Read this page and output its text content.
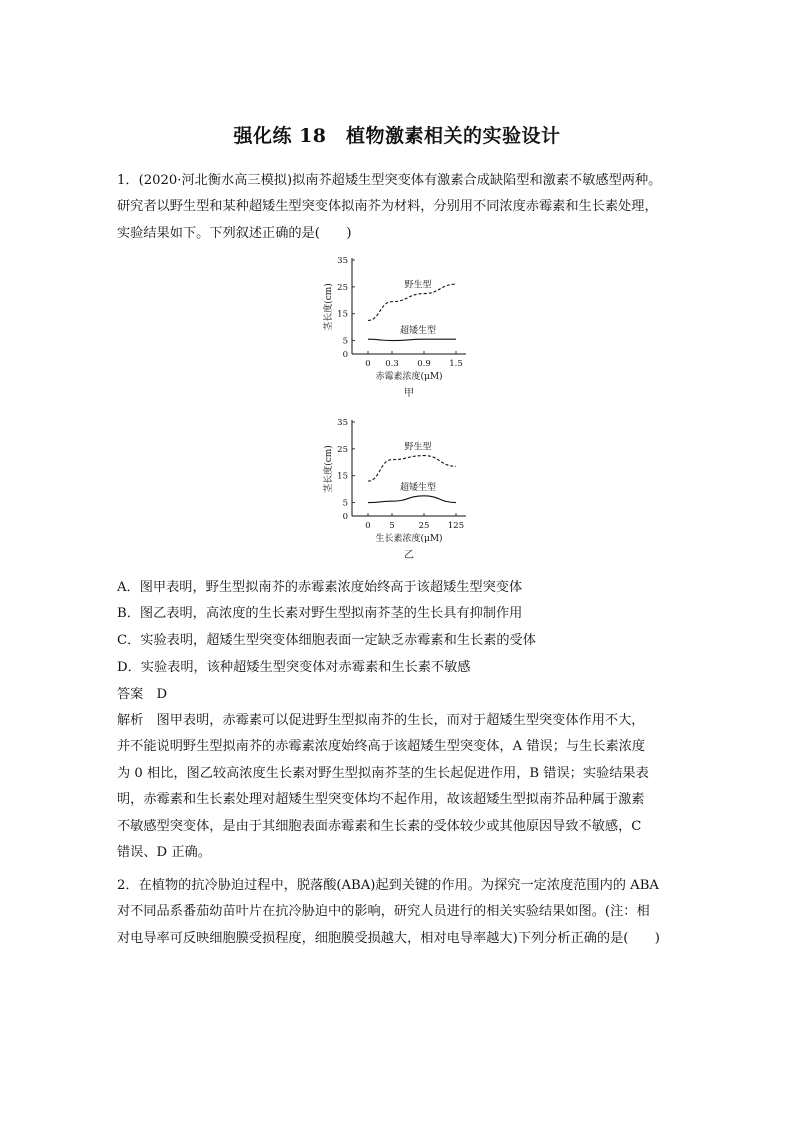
强化练 18　植物激素相关的实验设计
1．(2020·河北衡水高三模拟)拟南芥超矮生型突变体有激素合成缺陷型和激素不敏感型两种。
研究者以野生型和某种超矮生型突变体拟南芥为材料，分别用不同浓度赤霉素和生长素处理，
实验结果如下。下列叙述正确的是(　　)
0
5
15
25
35
0 0.3 0.9 1.5
赤霉素浓度(μM)
茎长度(cm)
甲
野生型
超矮生型
0
5
15
25
35
0 5	25 125
生长素浓度(μM)
茎长度(cm)
乙
野生型
超矮生型
A．图甲表明，野生型拟南芥的赤霉素浓度始终高于该超矮生型突变体
B．图乙表明，高浓度的生长素对野生型拟南芥茎的生长具有抑制作用
C．实验表明，超矮生型突变体细胞表面一定缺乏赤霉素和生长素的受体
D．实验表明，该种超矮生型突变体对赤霉素和生长素不敏感
答案　D
解析　图甲表明，赤霉素可以促进野生型拟南芥的生长，而对于超矮生型突变体作用不大，
并不能说明野生型拟南芥的赤霉素浓度始终高于该超矮生型突变体，A 错误；与生长素浓度
为 0 相比，图乙较高浓度生长素对野生型拟南芥茎的生长起促进作用，B 错误；实验结果表
明，赤霉素和生长素处理对超矮生型突变体均不起作用，故该超矮生型拟南芥品种属于激素
不敏感型突变体，是由于其细胞表面赤霉素和生长素的受体较少或其他原因导致不敏感，C
错误、D 正确。
2．在植物的抗冷胁迫过程中，脱落酸(ABA)起到关键的作用。为探究一定浓度范围内的 ABA
对不同品系番茄幼苗叶片在抗冷胁迫中的影响，研究人员进行的相关实验结果如图。(注：相
对电导率可反映细胞膜受损程度，细胞膜受损越大，相对电导率越大)下列分析正确的是(　　)
